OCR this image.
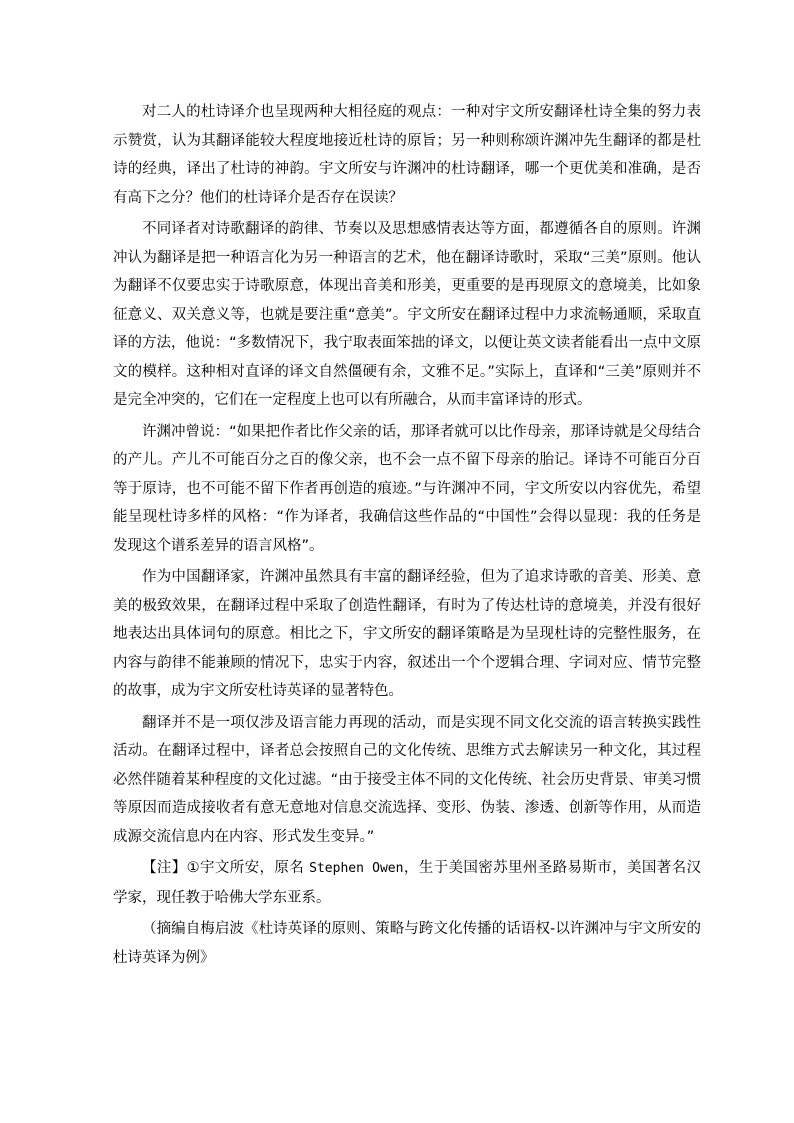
对二人的杜诗译介也呈现两种大相径庭的观点：一种对宇文所安翻译杜诗全集的努力表示赞赏，认为其翻译能较大程度地接近杜诗的原旨；另一种则称颂许渊冲先生翻译的都是杜诗的经典，译出了杜诗的神韵。宇文所安与许渊冲的杜诗翻译，哪一个更优美和准确，是否有高下之分？他们的杜诗译介是否存在误读？

不同译者对诗歌翻译的韵律、节奏以及思想感情表达等方面，都遵循各自的原则。许渊冲认为翻译是把一种语言化为另一种语言的艺术，他在翻译诗歌时，采取“三美”原则。他认为翻译不仅要忠实于诗歌原意，体现出音美和形美，更重要的是再现原文的意境美，比如象征意义、双关意义等，也就是要注重“意美”。宇文所安在翻译过程中力求流畅通顺，采取直译的方法，他说：“多数情况下，我宁取表面笨拙的译文，以便让英文读者能看出一点中文原文的模样。这种相对直译的译文自然僵硬有余，文雅不足。”实际上，直译和“三美”原则并不是完全冲突的，它们在一定程度上也可以有所融合，从而丰富译诗的形式。

许渊冲曾说：“如果把作者比作父亲的话，那译者就可以比作母亲，那译诗就是父母结合的产儿。产儿不可能百分之百的像父亲，也不会一点不留下母亲的胎记。译诗不可能百分百等于原诗，也不可能不留下作者再创造的痕迹。”与许渊冲不同，宇文所安以内容优先，希望能呈现杜诗多样的风格：“作为译者，我确信这些作品的“中国性”会得以显现：我的任务是发现这个谱系差异的语言风格”。

作为中国翻译家，许渊冲虽然具有丰富的翻译经验，但为了追求诗歌的音美、形美、意美的极致效果，在翻译过程中采取了创造性翻译，有时为了传达杜诗的意境美，并没有很好地表达出具体词句的原意。相比之下，宇文所安的翻译策略是为呈现杜诗的完整性服务，在内容与韵律不能兼顾的情况下，忠实于内容，叙述出一个个逻辑合理、字词对应、情节完整的故事，成为宇文所安杜诗英译的显著特色。

翻译并不是一项仅涉及语言能力再现的活动，而是实现不同文化交流的语言转换实践性活动。在翻译过程中，译者总会按照自己的文化传统、思维方式去解读另一种文化，其过程必然伴随着某种程度的文化过滤。“由于接受主体不同的文化传统、社会历史背景、审美习惯等原因而造成接收者有意无意地对信息交流选择、变形、伪装、渗透、创新等作用，从而造成源交流信息内在内容、形式发生变异。”

【注】①宇文所安，原名 Stephen Owen，生于美国密苏里州圣路易斯市，美国著名汉学家，现任教于哈佛大学东亚系。

（摘编自梅启波《杜诗英译的原则、策略与跨文化传播的话语权-以许渊冲与宇文所安的杜诗英译为例》
